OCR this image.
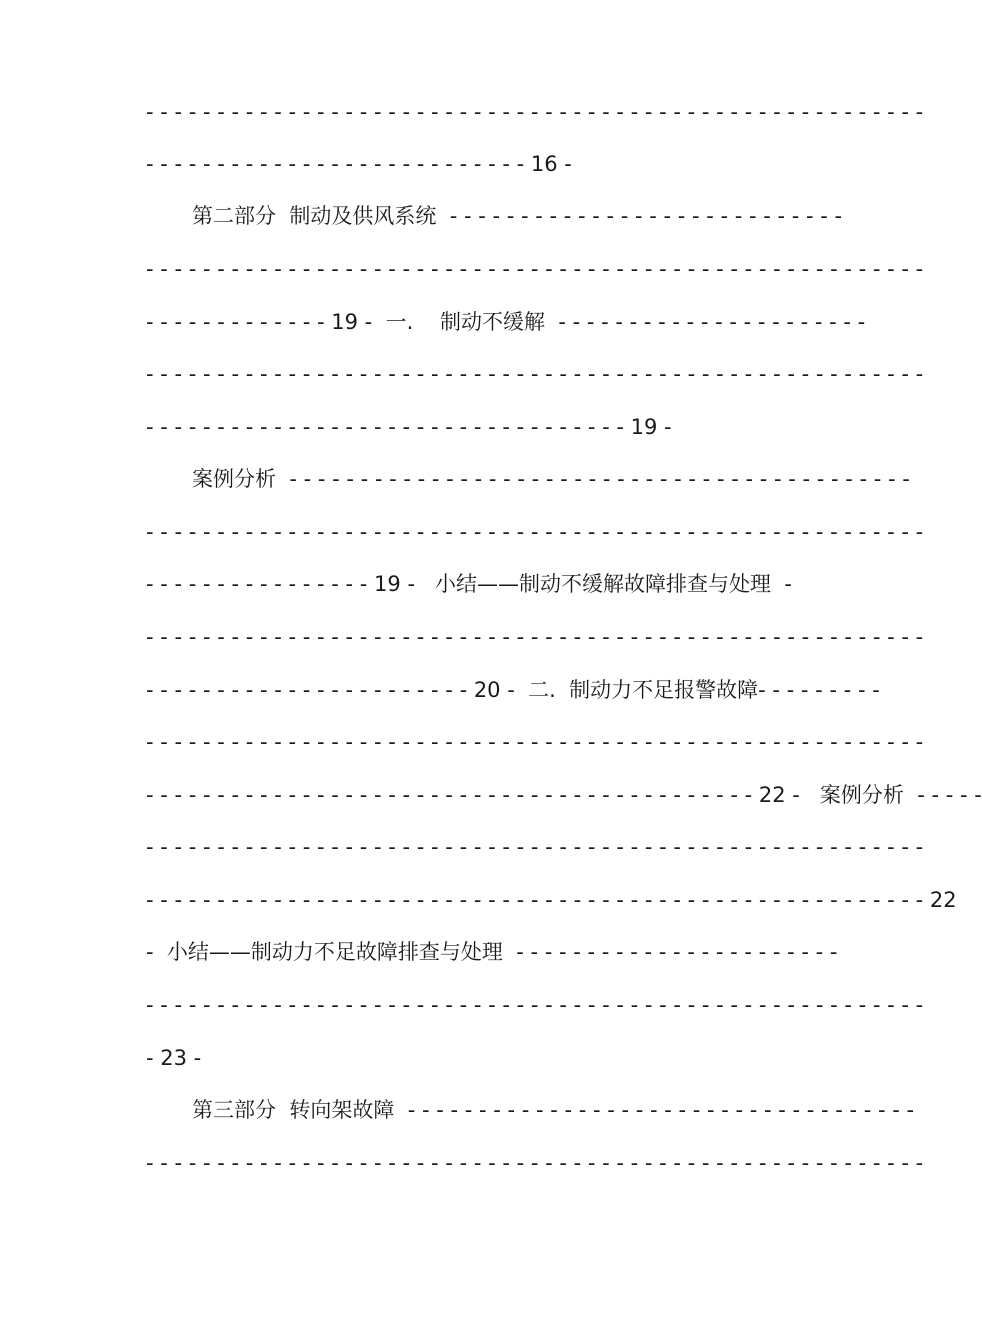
- - - - - - - - - - - - - - - - - - - - - - - - - - - - - - - - - - - - - - - - - - - - - - - - - - - - - - -
- - - - - - - - - - - - - - - - - - - - - - - - - - - 16 -
第二部分  制动及供风系统  - - - - - - - - - - - - - - - - - - - - - - - - - - - -
- - - - - - - - - - - - - - - - - - - - - - - - - - - - - - - - - - - - - - - - - - - - - - - - - - - - - - -
- - - - - - - - - - - - - 19 -  一.    制动不缓解  - - - - - - - - - - - - - - - - - - - - - -
- - - - - - - - - - - - - - - - - - - - - - - - - - - - - - - - - - - - - - - - - - - - - - - - - - - - - - -
- - - - - - - - - - - - - - - - - - - - - - - - - - - - - - - - - - 19 -
案例分析  - - - - - - - - - - - - - - - - - - - - - - - - - - - - - - - - - - - - - - - - - - - -
- - - - - - - - - - - - - - - - - - - - - - - - - - - - - - - - - - - - - - - - - - - - - - - - - - - - - - -
- - - - - - - - - - - - - - - - 19 -   小结——制动不缓解故障排查与处理  -
- - - - - - - - - - - - - - - - - - - - - - - - - - - - - - - - - - - - - - - - - - - - - - - - - - - - - - -
- - - - - - - - - - - - - - - - - - - - - - - 20 -  二.  制动力不足报警故障- - - - - - - - -
- - - - - - - - - - - - - - - - - - - - - - - - - - - - - - - - - - - - - - - - - - - - - - - - - - - - - - -
- - - - - - - - - - - - - - - - - - - - - - - - - - - - - - - - - - - - - - - - - - - 22 -   案例分析  - - - - -
- - - - - - - - - - - - - - - - - - - - - - - - - - - - - - - - - - - - - - - - - - - - - - - - - - - - - - -
- - - - - - - - - - - - - - - - - - - - - - - - - - - - - - - - - - - - - - - - - - - - - - - - - - - - - - - 22
-  小结——制动力不足故障排查与处理  - - - - - - - - - - - - - - - - - - - - - - -
- - - - - - - - - - - - - - - - - - - - - - - - - - - - - - - - - - - - - - - - - - - - - - - - - - - - - - -
- 23 -
第三部分  转向架故障  - - - - - - - - - - - - - - - - - - - - - - - - - - - - - - - - - - - -
- - - - - - - - - - - - - - - - - - - - - - - - - - - - - - - - - - - - - - - - - - - - - - - - - - - - - - -
